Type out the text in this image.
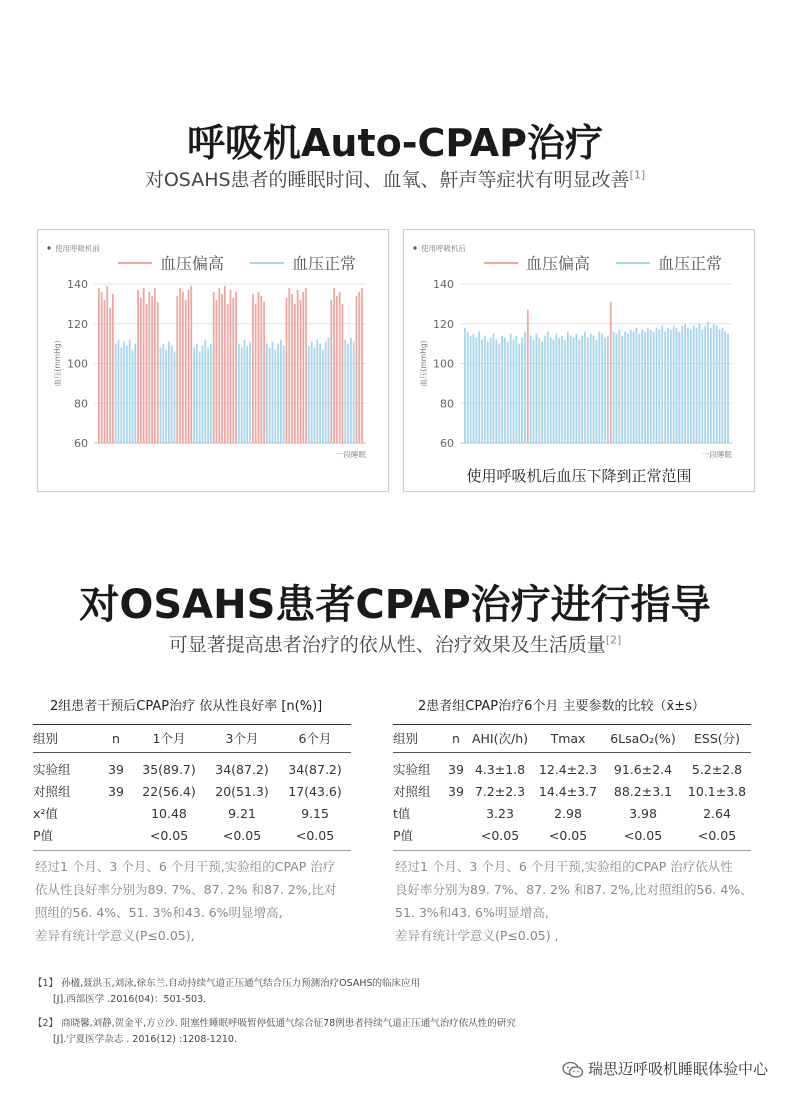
呼吸机Auto-CPAP治疗
对OSAHS患者的睡眠时间、血氧、鼾声等症状有明显改善[1]
使用呼吸机前
血压偏高	血压正常
60
80
100
120
140
血压(mmHg)
一段睡眠
使用呼吸机后
血压偏高	血压正常
60
80
100
120
140
血压(mmHg)
一段睡眠
使用呼吸机后血压下降到正常范围
对OSAHS患者CPAP治疗进行指导
可显著提高患者治疗的依从性、治疗效果及生活质量[2]
2组患者干预后CPAP治疗 依从性良好率 [n(%)]
组别	n	1个月	3个月	6个月
实验组	39	35(89.7)	34(87.2)	34(87.2)
对照组	39	22(56.4)	20(51.3)	17(43.6)
x²值		10.48	9.21	9.15
P值		<0.05	<0.05	<0.05
经过1 个月、3 个月、6 个月干预,实验组的CPAP 治疗
依从性良好率分别为89. 7%、87. 2% 和87. 2%,比对
照组的56. 4%、51. 3%和43. 6%明显增高,
差异有统计学意义(P≤0.05),
2患者组CPAP治疗6个月 主要参数的比较（x̄±s）
组别	n	AHI(次/h)	Tmax	6LsaO₂(%)	ESS(分)
实验组	39	4.3±1.8	12.4±2.3	91.6±2.4	5.2±2.8
对照组	39	7.2±2.3	14.4±3.7	88.2±3.1	10.1±3.8
t值		3.23	2.98	3.98	2.64
P值		<0.05	<0.05	<0.05	<0.05
经过1 个月、3 个月、6 个月干预,实验组的CPAP 治疗依从性
良好率分别为89. 7%、87. 2% 和87. 2%,比对照组的56. 4%、
51. 3%和43. 6%明显增高,
差异有统计学意义(P≤0.05) ,
【1】 孙楹,聂洪玉,刘泳,徐东兰.自动持续气道正压通气结合压力预测治疗OSAHS的临床应用
[J].西部医学 .2016(04)：501-503.
【2】 商晓馨,刘静,贺金平,方立沙. 阻塞性睡眠呼吸暂停低通气综合征78例患者持续气道正压通气治疗依从性的研究
[J].宁夏医学杂志 . 2016(12) :1208-1210.
瑞思迈呼吸机睡眠体验中心
